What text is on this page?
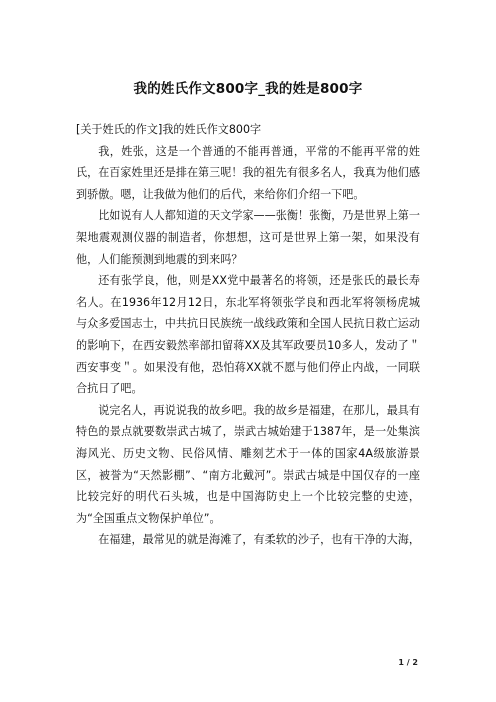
我的姓氏作文800字_我的姓是800字

[关于姓氏的作文]我的姓氏作文800字

我，姓张，这是一个普通的不能再普通，平常的不能再平常的姓氏，在百家姓里还是排在第三呢！我的祖先有很多名人，我真为他们感到骄傲。嗯，让我做为他们的后代，来给你们介绍一下吧。

比如说有人人都知道的天文学家——张衡！张衡，乃是世界上第一架地震观测仪器的制造者，你想想，这可是世界上第一架，如果没有他，人们能预测到地震的到来吗？

还有张学良，他，则是XX党中最著名的将领，还是张氏的最长寿名人。在1936年12月12日，东北军将领张学良和西北军将领杨虎城与众多爱国志士，中共抗日民族统一战线政策和全国人民抗日救亡运动的影响下，在西安毅然率部扣留蒋XX及其军政要员10多人，发动了＂西安事变＂。如果没有他，恐怕蒋XX就不愿与他们停止内战，一同联合抗日了吧。

说完名人，再说说我的故乡吧。我的故乡是福建，在那儿，最具有特色的景点就要数崇武古城了，崇武古城始建于1387年，是一处集滨海风光、历史文物、民俗风情、雕刻艺术于一体的国家4A级旅游景区，被誉为“天然影棚”、“南方北戴河”。崇武古城是中国仅存的一座比较完好的明代石头城，也是中国海防史上一个比较完整的史迹，为“全国重点文物保护单位”。

在福建，最常见的就是海滩了，有柔软的沙子，也有干净的大海，

1 / 2
